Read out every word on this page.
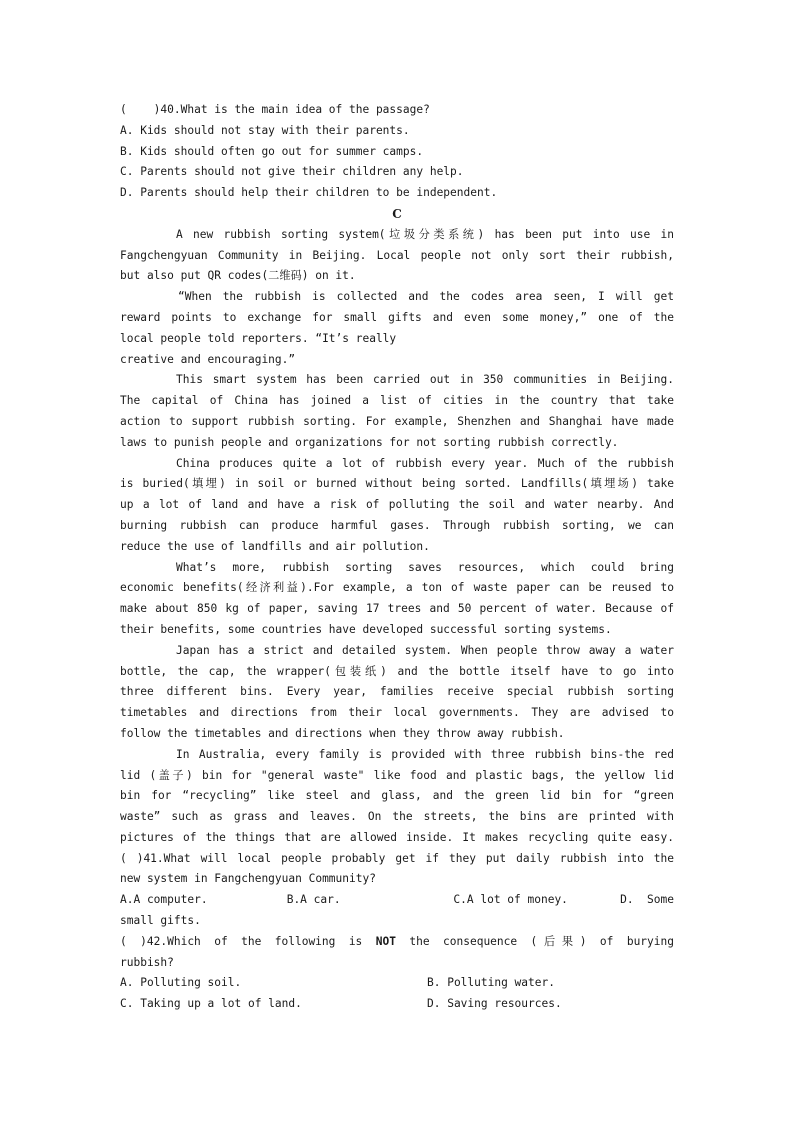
(    )40.What is the main idea of the passage?
A. Kids should not stay with their parents.
B. Kids should often go out for summer camps.
C. Parents should not give their children any help.
D. Parents should help their children to be independent.
C
A new rubbish sorting system(垃圾分类系统) has been put into use in
Fangchengyuan Community in Beijing. Local people not only sort their rubbish,
but also put QR codes(二维码) on it.
“When the rubbish is collected and the codes area seen, I will get
reward points to exchange for small gifts and even some money,” one of the
local people told reporters. “It’s really
creative and encouraging.”
This smart system has been carried out in 350 communities in Beijing.
The capital of China has joined a list of cities in the country that take
action to support rubbish sorting. For example, Shenzhen and Shanghai have made
laws to punish people and organizations for not sorting rubbish correctly.
China produces quite a lot of rubbish every year. Much of the rubbish
is buried(填埋) in soil or burned without being sorted. Landfills(填埋场) take
up a lot of land and have a risk of polluting the soil and water nearby. And
burning rubbish can produce harmful gases. Through rubbish sorting, we can
reduce the use of landfills and air pollution.
What’s more, rubbish sorting saves resources, which could bring
economic benefits(经济利益).For example, a ton of waste paper can be reused to
make about 850 kg of paper, saving 17 trees and 50 percent of water. Because of
their benefits, some countries have developed successful sorting systems.
Japan has a strict and detailed system. When people throw away a water
bottle, the cap, the wrapper(包装纸) and the bottle itself have to go into
three different bins. Every year, families receive special rubbish sorting
timetables and directions from their local governments. They are advised to
follow the timetables and directions when they throw away rubbish.
In Australia, every family is provided with three rubbish bins-the red
lid (盖子) bin for "general waste" like food and plastic bags, the yellow lid
bin for “recycling” like steel and glass, and the green lid bin for “green
waste” such as grass and leaves. On the streets, the bins are printed with
pictures of the things that are allowed inside. It makes recycling quite easy.
( )41.What will local people probably get if they put daily rubbish into the
new system in Fangchengyuan Community?
A.A computer.	B.A car.	C.A lot of money.	D.  Some
small gifts.
( )42.Which of the following is NOT the consequence (后果) of burying
rubbish?
A. Polluting soil.	B. Polluting water.
C. Taking up a lot of land.	D. Saving resources.
